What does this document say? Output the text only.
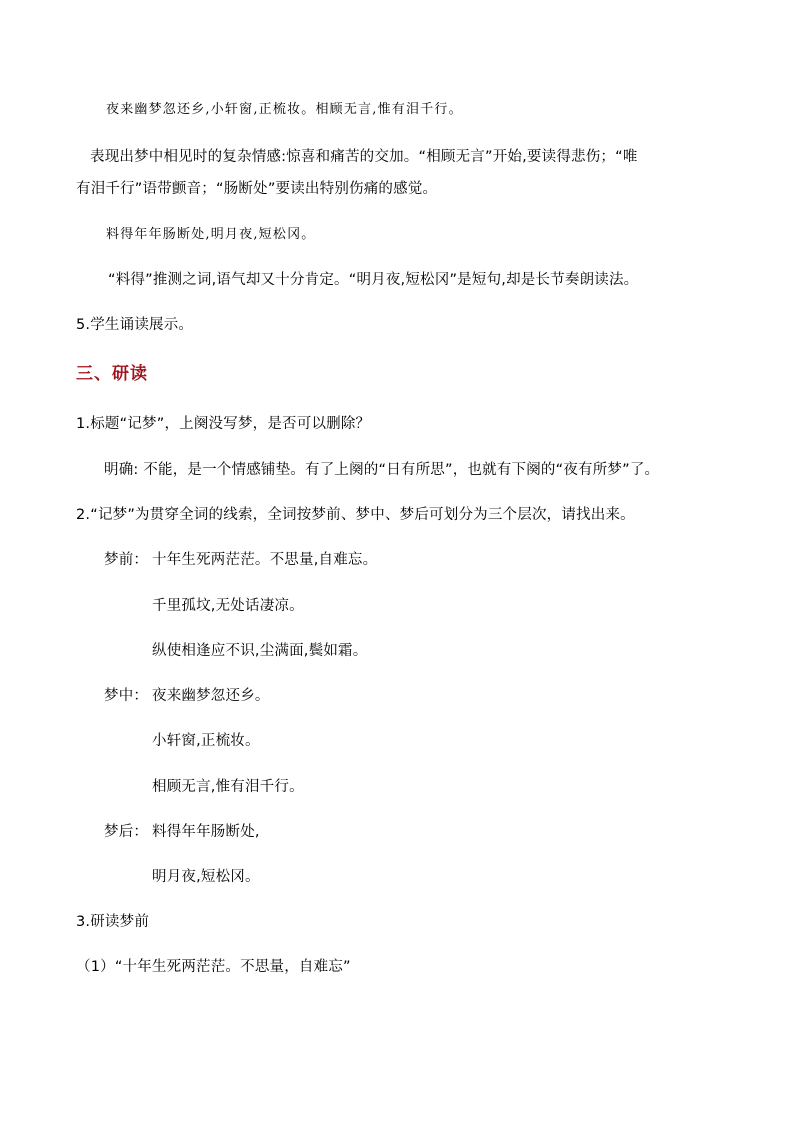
夜来幽梦忽还乡,小轩窗,正梳妆。相顾无言,惟有泪千行。
表现出梦中相见时的复杂情感:惊喜和痛苦的交加。“相顾无言”开始,要读得悲伤；“唯
有泪千行”语带颤音；“肠断处”要读出特别伤痛的感觉。
料得年年肠断处,明月夜,短松冈。
“料得”推测之词,语气却又十分肯定。“明月夜,短松冈”是短句,却是长节奏朗读法。
5.学生诵读展示。
三、研读
1.标题“记梦”，上阕没写梦，是否可以删除？
明确: 不能，是一个情感铺垫。有了上阕的“日有所思”，也就有下阕的“夜有所梦”了。
2.“记梦”为贯穿全词的线索，全词按梦前、梦中、梦后可划分为三个层次，请找出来。
梦前： 十年生死两茫茫。不思量,自难忘。
千里孤坟,无处话凄凉。
纵使相逢应不识,尘满面,鬓如霜。
梦中： 夜来幽梦忽还乡。
小轩窗,正梳妆。
相顾无言,惟有泪千行。
梦后： 料得年年肠断处,
明月夜,短松冈。
3.研读梦前
（1）“十年生死两茫茫。不思量，自难忘”
